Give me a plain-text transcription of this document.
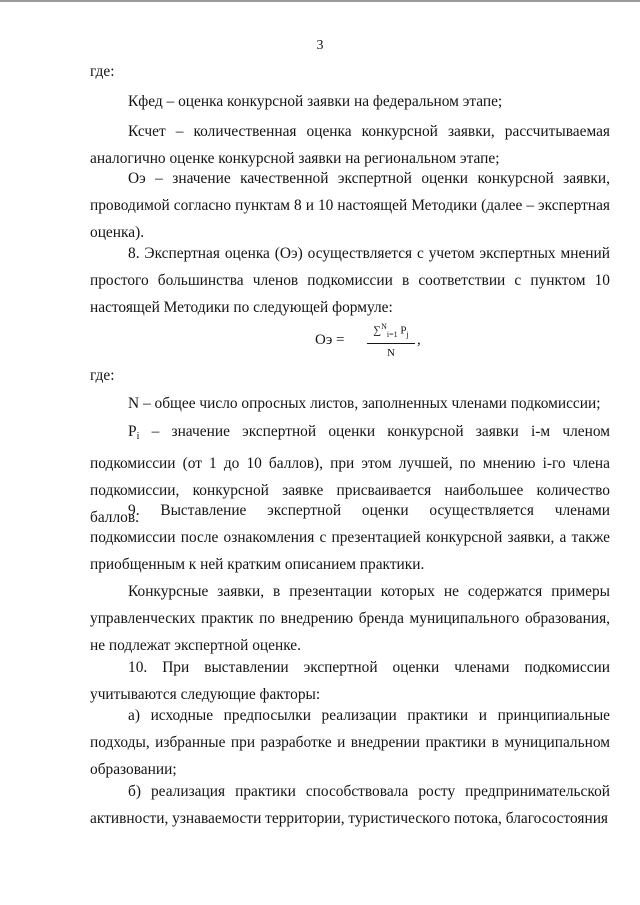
3

где:

Кфед – оценка конкурсной заявки на федеральном этапе;

Ксчет – количественная оценка конкурсной заявки, рассчитываемая аналогично оценке конкурсной заявки на региональном этапе;

Оэ – значение качественной экспертной оценки конкурсной заявки, проводимой согласно пунктам 8 и 10 настоящей Методики (далее – экспертная оценка).

8. Экспертная оценка (Оэ) осуществляется с учетом экспертных мнений простого большинства членов подкомиссии в соответствии с пунктом 10 настоящей Методики по следующей формуле:

Оэ =
∑$^N_{i=1}$ $P_j$
N
,

где:

N – общее число опросных листов, заполненных членами подкомиссии;

Pi – значение экспертной оценки конкурсной заявки i-м членом подкомиссии (от 1 до 10 баллов), при этом лучшей, по мнению i-го члена подкомиссии, конкурсной заявке присваивается наибольшее количество баллов.

9. Выставление экспертной оценки осуществляется членами подкомиссии после ознакомления с презентацией конкурсной заявки, а также приобщенным к ней кратким описанием практики.

Конкурсные заявки, в презентации которых не содержатся примеры управленческих практик по внедрению бренда муниципального образования, не подлежат экспертной оценке.

10. При выставлении экспертной оценки членами подкомиссии учитываются следующие факторы:

а) исходные предпосылки реализации практики и принципиальные подходы, избранные при разработке и внедрении практики в муниципальном образовании;

б) реализация практики способствовала росту предпринимательской активности, узнаваемости территории, туристического потока, благосостояния
